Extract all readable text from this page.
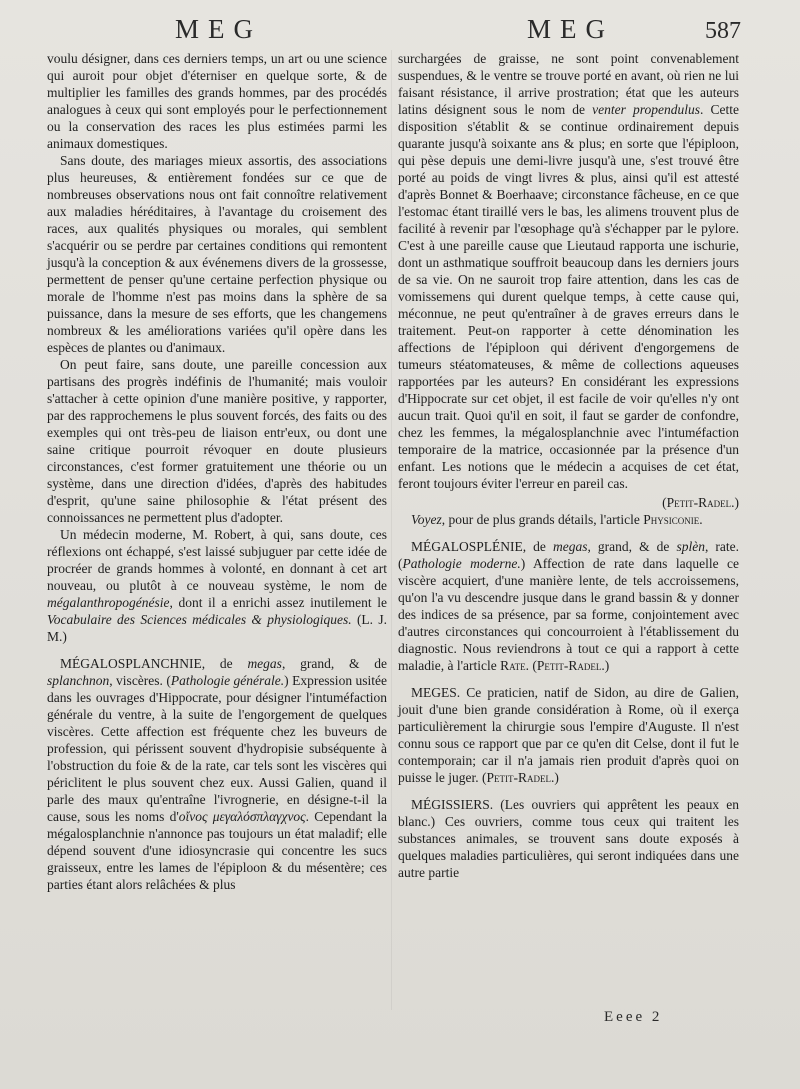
MEG	MEG	587

voulu désigner, dans ces derniers temps, un art ou une science qui auroit pour objet d'éterniser en quelque sorte, & de multiplier les familles des grands hommes, par des procédés analogues à ceux qui sont employés pour le perfectionnement ou la conservation des races les plus estimées parmi les animaux domestiques.

Sans doute, des mariages mieux assortis, des associations plus heureuses, & entièrement fondées sur ce que de nombreuses observations nous ont fait connoître relativement aux maladies héréditaires, à l'avantage du croisement des races, aux qualités physiques ou morales, qui semblent s'acquérir ou se perdre par certaines conditions qui remontent jusqu'à la conception & aux événemens divers de la grossesse, permettent de penser qu'une certaine perfection physique ou morale de l'homme n'est pas moins dans la sphère de sa puissance, dans la mesure de ses efforts, que les changemens nombreux & les améliorations variées qu'il opère dans les espèces de plantes ou d'animaux.

On peut faire, sans doute, une pareille concession aux partisans des progrès indéfinis de l'humanité; mais vouloir s'attacher à cette opinion d'une manière positive, y rapporter, par des rapprochemens le plus souvent forcés, des faits ou des exemples qui ont très-peu de liaison entr'eux, ou dont une saine critique pourroit révoquer en doute plusieurs circonstances, c'est former gratuitement une théorie ou un système, dans une direction d'idées, d'après des habitudes d'esprit, qu'une saine philosophie & l'état présent des connoissances ne permettent plus d'adopter.

Un médecin moderne, M. Robert, à qui, sans doute, ces réflexions ont échappé, s'est laissé subjuguer par cette idée de procréer de grands hommes à volonté, en donnant à cet art nouveau, ou plutôt à ce nouveau système, le nom de mégalanthropogénésie, dont il a enrichi assez inutilement le Vocabulaire des Sciences médicales & physiologiques. (L. J. M.)

MÉGALOSPLANCHNIE, de megas, grand, & de splanchnon, viscères. (Pathologie générale.) Expression usitée dans les ouvrages d'Hippocrate, pour désigner l'intuméfaction générale du ventre, à la suite de l'engorgement de quelques viscères. Cette affection est fréquente chez les buveurs de profession, qui périssent souvent d'hydropisie subséquente à l'obstruction du foie & de la rate, car tels sont les viscères qui périclitent le plus souvent chez eux. Aussi Galien, quand il parle des maux qu'entraîne l'ivrognerie, en désigne-t-il la cause, sous les noms d'οἴνος μεγαλόσπλαγχνος. Cependant la mégalosplanchnie n'annonce pas toujours un état maladif; elle dépend souvent d'une idiosyncrasie qui concentre les sucs graisseux, entre les lames de l'épiploon & du mésentère; ces parties étant alors relâchées & plus

surchargées de graisse, ne sont point convenablement suspendues, & le ventre se trouve porté en avant, où rien ne lui faisant résistance, il arrive prostration; état que les auteurs latins désignent sous le nom de venter propendulus. Cette disposition s'établit & se continue ordinairement depuis quarante jusqu'à soixante ans & plus; en sorte que l'épiploon, qui pèse depuis une demi-livre jusqu'à une, s'est trouvé être porté au poids de vingt livres & plus, ainsi qu'il est attesté d'après Bonnet & Boerhaave; circonstance fâcheuse, en ce que l'estomac étant tiraillé vers le bas, les alimens trouvent plus de facilité à revenir par l'œsophage qu'à s'échapper par le pylore. C'est à une pareille cause que Lieutaud rapporta une ischurie, dont un asthmatique souffroit beaucoup dans les derniers jours de sa vie. On ne sauroit trop faire attention, dans les cas de vomissemens qui durent quelque temps, à cette cause qui, méconnue, ne peut qu'entraîner à de graves erreurs dans le traitement. Peut-on rapporter à cette dénomination les affections de l'épiploon qui dérivent d'engorgemens de tumeurs stéatomateuses, & même de collections aqueuses rapportées par les auteurs? En considérant les expressions d'Hippocrate sur cet objet, il est facile de voir qu'elles n'y ont aucun trait. Quoi qu'il en soit, il faut se garder de confondre, chez les femmes, la mégalosplanchnie avec l'intuméfaction temporaire de la matrice, occasionnée par la présence d'un enfant. Les notions que le médecin a acquises de cet état, feront toujours éviter l'erreur en pareil cas.

(Petit-Radel.)

Voyez, pour de plus grands détails, l'article Physiconie.

MÉGALOSPLÉNIE, de megas, grand, & de splèn, rate. (Pathologie moderne.) Affection de rate dans laquelle ce viscère acquiert, d'une manière lente, de tels accroissemens, qu'on l'a vu descendre jusque dans le grand bassin & y donner des indices de sa présence, par sa forme, conjointement avec d'autres circonstances qui concourroient à l'établissement du diagnostic. Nous reviendrons à tout ce qui a rapport à cette maladie, à l'article Rate. (Petit-Radel.)

MEGES. Ce praticien, natif de Sidon, au dire de Galien, jouit d'une bien grande considération à Rome, où il exerça particulièrement la chirurgie sous l'empire d'Auguste. Il n'est connu sous ce rapport que par ce qu'en dit Celse, dont il fut le contemporain; car il n'a jamais rien produit d'après quoi on puisse le juger. (Petit-Radel.)

MÉGISSIERS. (Les ouvriers qui apprêtent les peaux en blanc.) Ces ouvriers, comme tous ceux qui traitent les substances animales, se trouvent sans doute exposés à quelques maladies particulières, qui seront indiquées dans une autre partie

Eeee 2
